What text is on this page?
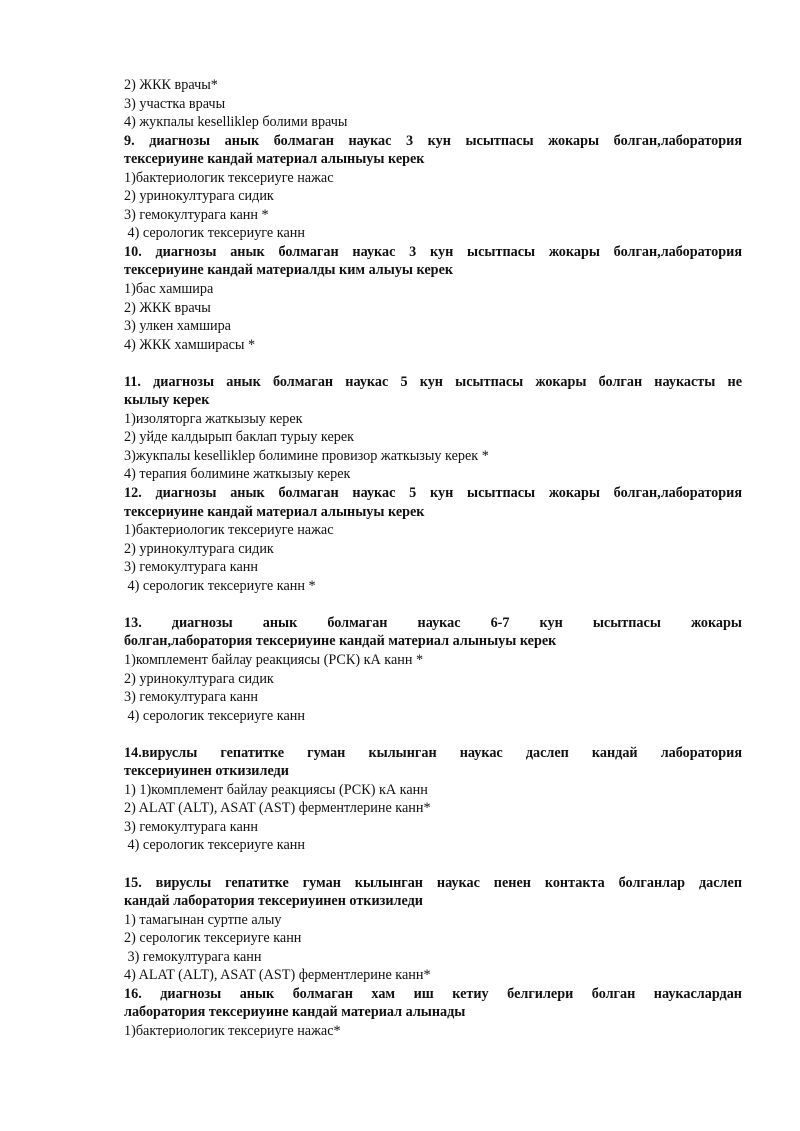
2) ЖКК врачы*
3) участка врачы
4) жукпалы keselliklер болими врачы
9. диагнозы анык болмаган наукас 3 кун ысытпасы жокары болган,лаборатория
тексериуине кандай материал алыныуы керек
1)бактериологик тексериуге нажас
2) уринокултурага сидик
3) гемокултурага канн *
4) серологик тексериуге канн
10. диагнозы анык болмаган наукас 3 кун ысытпасы жокары болган,лаборатория
тексериуине кандай материалды ким алыуы керек
1)бас хамшира
2) ЖКК врачы
3) улкен хамшира
4) ЖКК хамширасы *
11. диагнозы анык болмаган наукас 5 кун ысытпасы жокары болган наукасты не
кылыу керек
1)изоляторга жаткызыу керек
2) уйде калдырып баклап турыу керек
3)жукпалы keselliklер болимине провизор жаткызыу керек *
4) терапия болимине жаткызыу керек
12. диагнозы анык болмаган наукас 5 кун ысытпасы жокары болган,лаборатория
тексериуине кандай материал алыныуы керек
1)бактериологик тексериуге нажас
2) уринокултурага сидик
3) гемокултурага канн
4) серологик тексериуге канн *
13. диагнозы анык болмаган наукас 6-7 кун ысытпасы жокары
болган,лаборатория тексериуине кандай материал алыныуы керек
1)комплемент байлау реакциясы (РСК) кА канн *
2) уринокултурага сидик
3) гемокултурага канн
4) серологик тексериуге канн
14.вируслы гепатитке гуман кылынган наукас даслеп кандай лаборатория
тексериуинен откизиледи
1) 1)комплемент байлау реакциясы (РСК) кА канн
2) ALAT (ALT), ASAT (AST) ферментлерине канн*
3) гемокултурага канн
4) серологик тексериуге канн
15. вируслы гепатитке гуман кылынган наукас пенен контакта болганлар даслеп
кандай лаборатория тексериуинен откизиледи
1) тамагынан суртпе алыу
2) серологик тексериуге канн
3) гемокултурага канн
4) ALAT (ALT), ASAT (AST) ферментлерине канн*
16. диагнозы анык болмаган хам иш кетиу белгилери болган наукаслардан
лаборатория тексериуине кандай материал алынады
1)бактериологик тексериуге нажас*
